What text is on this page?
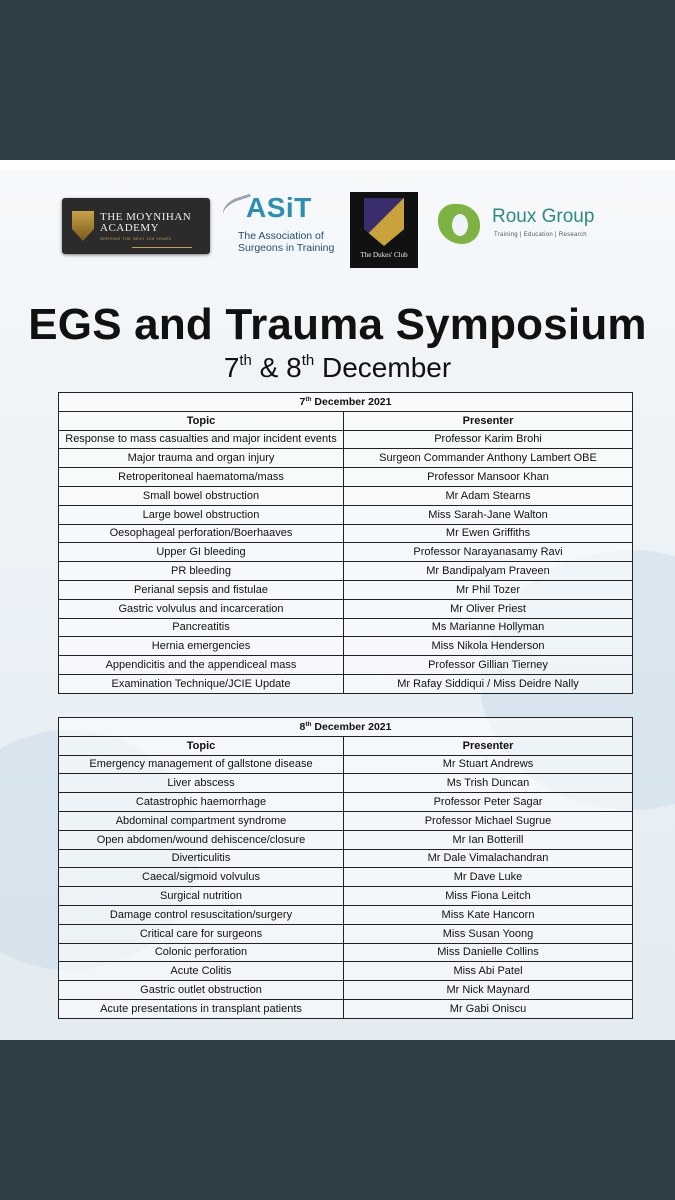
THE MOYNIHAN
ACADEMY
SERVING THE NEXT 100 YEARS
ASiT
The Association of
Surgeons in Training
The Dukes' Club
Roux Group
Training | Education | Research
EGS and Trauma Symposium
7th & 8th December
7th December 2021	
Topic	Presenter
Response to mass casualties and major incident events	Professor Karim Brohi
Major trauma and organ injury	Surgeon Commander Anthony Lambert OBE
Retroperitoneal haematoma/mass	Professor Mansoor Khan
Small bowel obstruction	Mr Adam Stearns
Large bowel obstruction	Miss Sarah-Jane Walton
Oesophageal perforation/Boerhaaves	Mr Ewen Griffiths
Upper GI bleeding	Professor Narayanasamy Ravi
PR bleeding	Mr Bandipalyam Praveen
Perianal sepsis and fistulae	Mr Phil Tozer
Gastric volvulus and incarceration	Mr Oliver Priest
Pancreatitis	Ms Marianne Hollyman
Hernia emergencies	Miss Nikola Henderson
Appendicitis and the appendiceal mass	Professor Gillian Tierney
Examination Technique/JCIE Update	Mr Rafay Siddiqui / Miss Deidre Nally
8th December 2021	
Topic	Presenter
Emergency management of gallstone disease	Mr Stuart Andrews
Liver abscess	Ms Trish Duncan
Catastrophic haemorrhage	Professor Peter Sagar
Abdominal compartment syndrome	Professor Michael Sugrue
Open abdomen/wound dehiscence/closure	Mr Ian Botterill
Diverticulitis	Mr Dale Vimalachandran
Caecal/sigmoid volvulus	Mr Dave Luke
Surgical nutrition	Miss Fiona Leitch
Damage control resuscitation/surgery	Miss Kate Hancorn
Critical care for surgeons	Miss Susan Yoong
Colonic perforation	Miss Danielle Collins
Acute Colitis	Miss Abi Patel
Gastric outlet obstruction	Mr Nick Maynard
Acute presentations in transplant patients	Mr Gabi Oniscu
